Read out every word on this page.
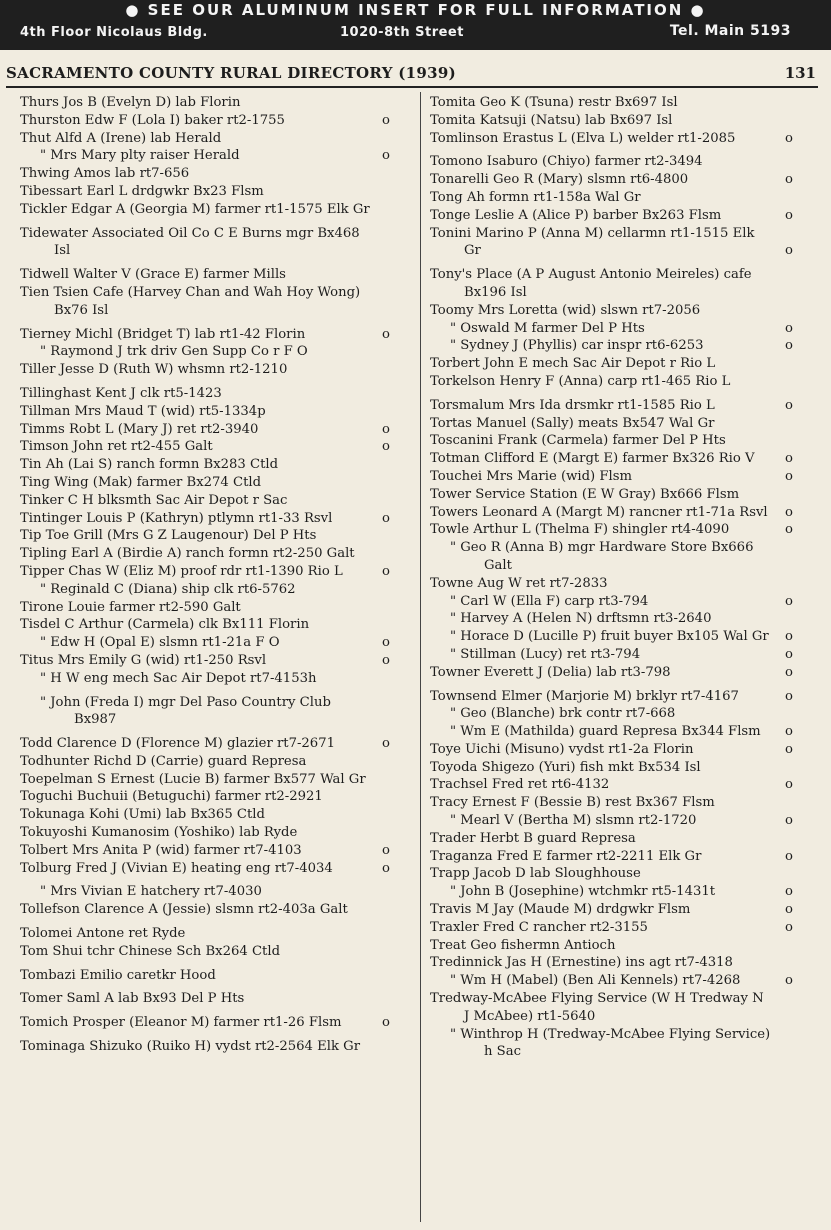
● SEE OUR ALUMINUM INSERT FOR FULL INFORMATION ●
4th Floor Nicolaus Bldg.	1020-8th Street	Tel. Main 5193
SACRAMENTO COUNTY RURAL DIRECTORY (1939)	131
Thurs Jos B (Evelyn D) lab Florin
Thurston Edw F (Lola I) baker rt2-1755	o
Thut Alfd A (Irene) lab Herald
" Mrs Mary plty raiser Herald	o
Thwing Amos lab rt7-656
Tibessart Earl L drdgwkr Bx23 Flsm
Tickler Edgar A (Georgia M) farmer rt1-1575 Elk Gr
Tidewater Associated Oil Co C E Burns mgr Bx468 Isl
Tidwell Walter V (Grace E) farmer Mills
Tien Tsien Cafe (Harvey Chan and Wah Hoy Wong) Bx76 Isl
Tierney Michl (Bridget T) lab rt1-42 Florin	o
" Raymond J trk driv Gen Supp Co r F O
Tiller Jesse D (Ruth W) whsmn rt2-1210
Tillinghast Kent J clk rt5-1423
Tillman Mrs Maud T (wid) rt5-1334p
Timms Robt L (Mary J) ret rt2-3940	o
Timson John ret rt2-455 Galt	o
Tin Ah (Lai S) ranch formn Bx283 Ctld
Ting Wing (Mak) farmer Bx274 Ctld
Tinker C H blksmth Sac Air Depot r Sac
Tintinger Louis P (Kathryn) ptlymn rt1-33 Rsvl	o
Tip Toe Grill (Mrs G Z Laugenour) Del P Hts
Tipling Earl A (Birdie A) ranch formn rt2-250 Galt
Tipper Chas W (Eliz M) proof rdr rt1-1390 Rio L	o
" Reginald C (Diana) ship clk rt6-5762
Tirone Louie farmer rt2-590 Galt
Tisdel C Arthur (Carmela) clk Bx111 Florin
" Edw H (Opal E) slsmn rt1-21a F O	o
Titus Mrs Emily G (wid) rt1-250 Rsvl	o
" H W eng mech Sac Air Depot rt7-4153h
" John (Freda I) mgr Del Paso Country Club Bx987
Todd Clarence D (Florence M) glazier rt7-2671	o
Todhunter Richd D (Carrie) guard Represa
Toepelman S Ernest (Lucie B) farmer Bx577 Wal Gr
Toguchi Buchuii (Betuguchi) farmer rt2-2921
Tokunaga Kohi (Umi) lab Bx365 Ctld
Tokuyoshi Kumanosim (Yoshiko) lab Ryde
Tolbert Mrs Anita P (wid) farmer rt7-4103	o
Tolburg Fred J (Vivian E) heating eng rt7-4034	o
" Mrs Vivian E hatchery rt7-4030
Tollefson Clarence A (Jessie) slsmn rt2-403a Galt
Tolomei Antone ret Ryde
Tom Shui tchr Chinese Sch Bx264 Ctld
Tombazi Emilio caretkr Hood
Tomer Saml A lab Bx93 Del P Hts
Tomich Prosper (Eleanor M) farmer rt1-26 Flsm	o
Tominaga Shizuko (Ruiko H) vydst rt2-2564 Elk Gr
Tomita Geo K (Tsuna) restr Bx697 Isl
Tomita Katsuji (Natsu) lab Bx697 Isl
Tomlinson Erastus L (Elva L) welder rt1-2085	o
Tomono Isaburo (Chiyo) farmer rt2-3494
Tonarelli Geo R (Mary) slsmn rt6-4800	o
Tong Ah formn rt1-158a Wal Gr
Tonge Leslie A (Alice P) barber Bx263 Flsm	o
Tonini Marino P (Anna M) cellarmn rt1-1515 Elk Gr	o
Tony's Place (A P August Antonio Meireles) cafe Bx196 Isl
Toomy Mrs Loretta (wid) slswn rt7-2056
" Oswald M farmer Del P Hts	o
" Sydney J (Phyllis) car inspr rt6-6253	o
Torbert John E mech Sac Air Depot r Rio L
Torkelson Henry F (Anna) carp rt1-465 Rio L
Torsmalum Mrs Ida drsmkr rt1-1585 Rio L	o
Tortas Manuel (Sally) meats Bx547 Wal Gr
Toscanini Frank (Carmela) farmer Del P Hts
Totman Clifford E (Margt E) farmer Bx326 Rio V	o
Touchei Mrs Marie (wid) Flsm	o
Tower Service Station (E W Gray) Bx666 Flsm
Towers Leonard A (Margt M) rancner rt1-71a Rsvl	o
Towle Arthur L (Thelma F) shingler rt4-4090	o
" Geo R (Anna B) mgr Hardware Store Bx666 Galt
Towne Aug W ret rt7-2833
" Carl W (Ella F) carp rt3-794	o
" Harvey A (Helen N) drftsmn rt3-2640
" Horace D (Lucille P) fruit buyer Bx105 Wal Gr	o
" Stillman (Lucy) ret rt3-794	o
Towner Everett J (Delia) lab rt3-798	o
Townsend Elmer (Marjorie M) brklyr rt7-4167	o
" Geo (Blanche) brk contr rt7-668
" Wm E (Mathilda) guard Represa Bx344 Flsm	o
Toye Uichi (Misuno) vydst rt1-2a Florin	o
Toyoda Shigezo (Yuri) fish mkt Bx534 Isl
Trachsel Fred ret rt6-4132	o
Tracy Ernest F (Bessie B) rest Bx367 Flsm
" Mearl V (Bertha M) slsmn rt2-1720	o
Trader Herbt B guard Represa
Traganza Fred E farmer rt2-2211 Elk Gr	o
Trapp Jacob D lab Sloughhouse
" John B (Josephine) wtchmkr rt5-1431t	o
Travis M Jay (Maude M) drdgwkr Flsm	o
Traxler Fred C rancher rt2-3155	o
Treat Geo fishermn Antioch
Tredinnick Jas H (Ernestine) ins agt rt7-4318
" Wm H (Mabel) (Ben Ali Kennels) rt7-4268	o
Tredway-McAbee Flying Service (W H Tredway N J McAbee) rt1-5640
" Winthrop H (Tredway-McAbee Flying Service) h Sac
